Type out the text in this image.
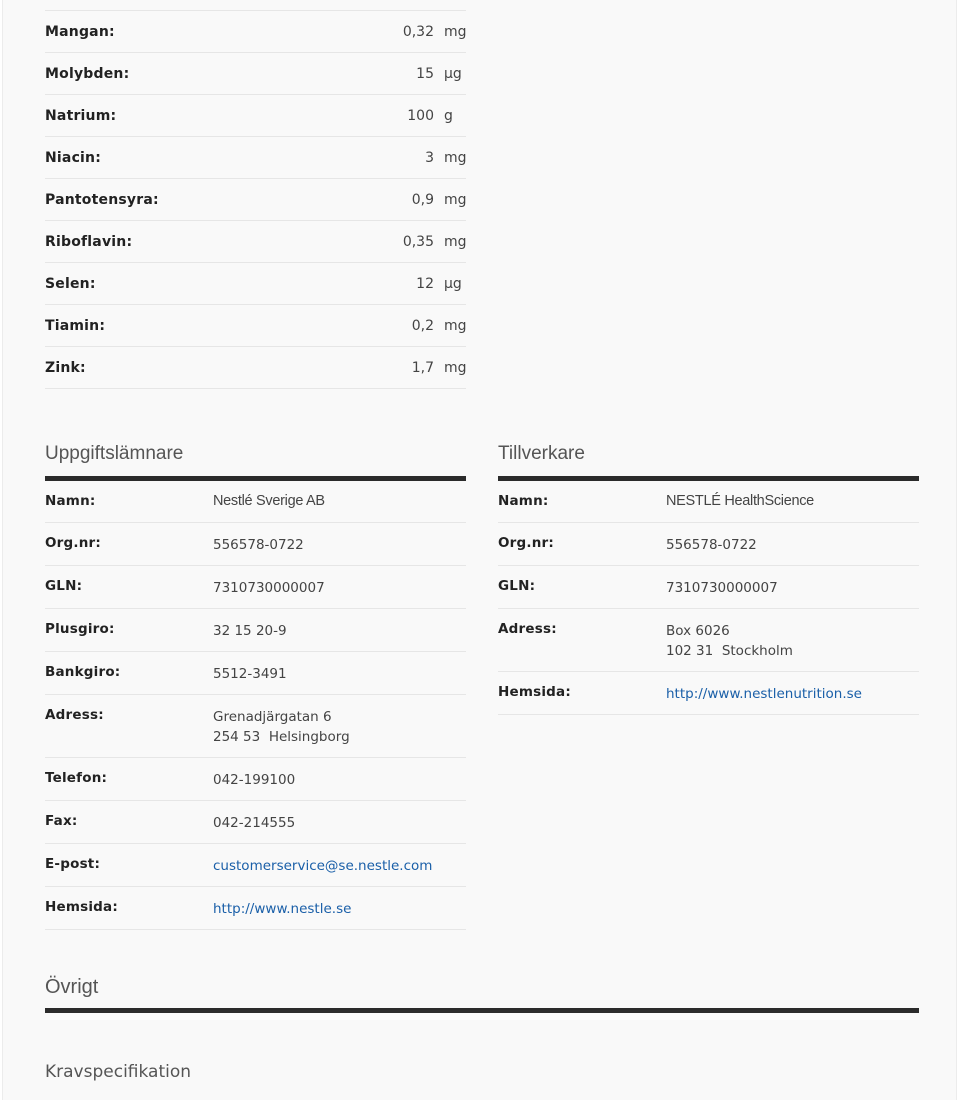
Mangan:	0,32 mg
Molybden:	15 µg
Natrium:	100 g
Niacin:	3 mg
Pantotensyra:	0,9 mg
Riboflavin:	0,35 mg
Selen:	12 µg
Tiamin:	0,2 mg
Zink:	1,7 mg
Uppgiftslämnare
Namn:	Nestlé Sverige AB
Org.nr:	556578-0722
GLN:	7310730000007
Plusgiro:	32 15 20-9
Bankgiro:	5512-3491
Adress:	Grenadjärgatan 6
254 53  Helsingborg
Telefon:	042-199100
Fax:	042-214555
E-post:	customerservice@se.nestle.com
Hemsida:	http://www.nestle.se
Tillverkare
Namn:	NESTLÉ HealthScience
Org.nr:	556578-0722
GLN:	7310730000007
Adress:	Box 6026
102 31  Stockholm
Hemsida:	http://www.nestlenutrition.se
Övrigt
Kravspecifikation
